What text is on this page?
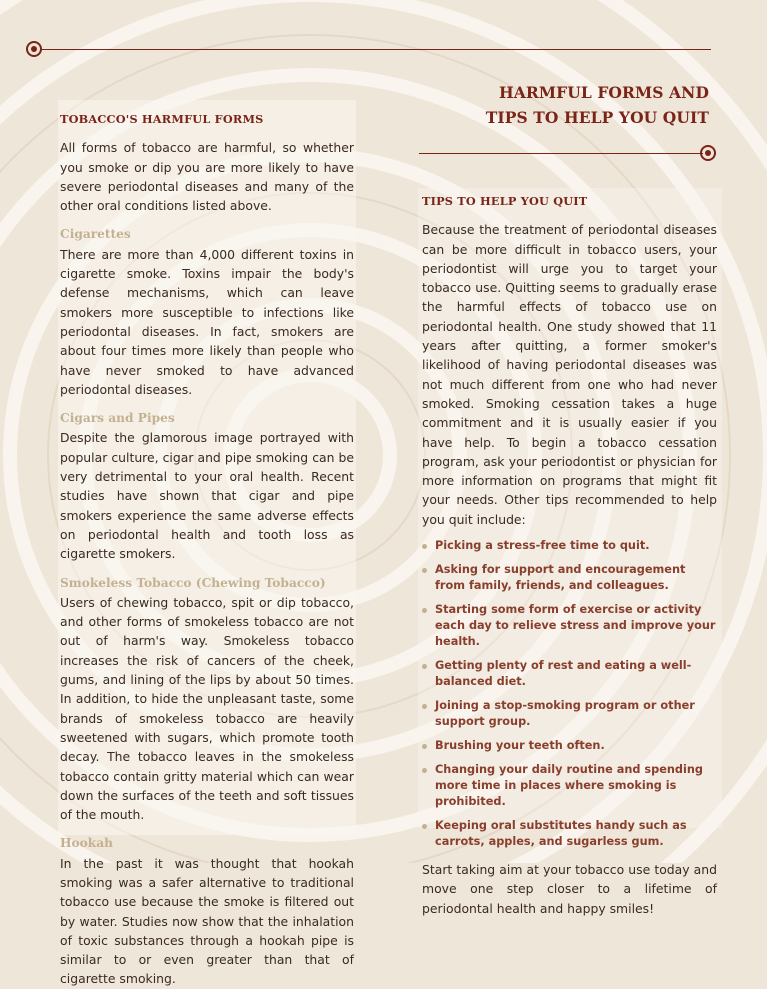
HARMFUL FORMS AND
TIPS TO HELP YOU QUIT
TOBACCO'S HARMFUL FORMS

All forms of tobacco are harmful, so whether you smoke or dip you are more likely to have severe periodontal diseases and many of the other oral conditions listed above.

Cigarettes

There are more than 4,000 different toxins in cigarette smoke. Toxins impair the body's defense mechanisms, which can leave smokers more susceptible to infections like periodontal diseases. In fact, smokers are about four times more likely than people who have never smoked to have advanced periodontal diseases.

Cigars and Pipes

Despite the glamorous image portrayed with popular culture, cigar and pipe smoking can be very detrimental to your oral health. Recent studies have shown that cigar and pipe smokers experience the same adverse effects on periodontal health and tooth loss as cigarette smokers.

Smokeless Tobacco (Chewing Tobacco)

Users of chewing tobacco, spit or dip tobacco, and other forms of smokeless tobacco are not out of harm's way. Smokeless tobacco increases the risk of cancers of the cheek, gums, and lining of the lips by about 50 times. In addition, to hide the unpleasant taste, some brands of smokeless tobacco are heavily sweetened with sugars, which promote tooth decay. The tobacco leaves in the smokeless tobacco contain gritty material which can wear down the surfaces of the teeth and soft tissues of the mouth.

Hookah

In the past it was thought that hookah smoking was a safer alternative to traditional tobacco use because the smoke is filtered out by water. Studies now show that the inhalation of toxic substances through a hookah pipe is similar to or even greater than that of cigarette smoking.

TIPS TO HELP YOU QUIT

Because the treatment of periodontal diseases can be more difficult in tobacco users, your periodontist will urge you to target your tobacco use. Quitting seems to gradually erase the harmful effects of tobacco use on periodontal health. One study showed that 11 years after quitting, a former smoker's likelihood of having periodontal diseases was not much different from one who had never smoked. Smoking cessation takes a huge commitment and it is usually easier if you have help. To begin a tobacco cessation program, ask your periodontist or physician for more information on programs that might fit your needs. Other tips recommended to help you quit include:

Picking a stress-free time to quit.
Asking for support and encouragement from family, friends, and colleagues.
Starting some form of exercise or activity each day to relieve stress and improve your health.
Getting plenty of rest and eating a well-balanced diet.
Joining a stop-smoking program or other support group.
Brushing your teeth often.
Changing your daily routine and spending more time in places where smoking is prohibited.
Keeping oral substitutes handy such as carrots, apples, and sugarless gum.

Start taking aim at your tobacco use today and move one step closer to a lifetime of periodontal health and happy smiles!
